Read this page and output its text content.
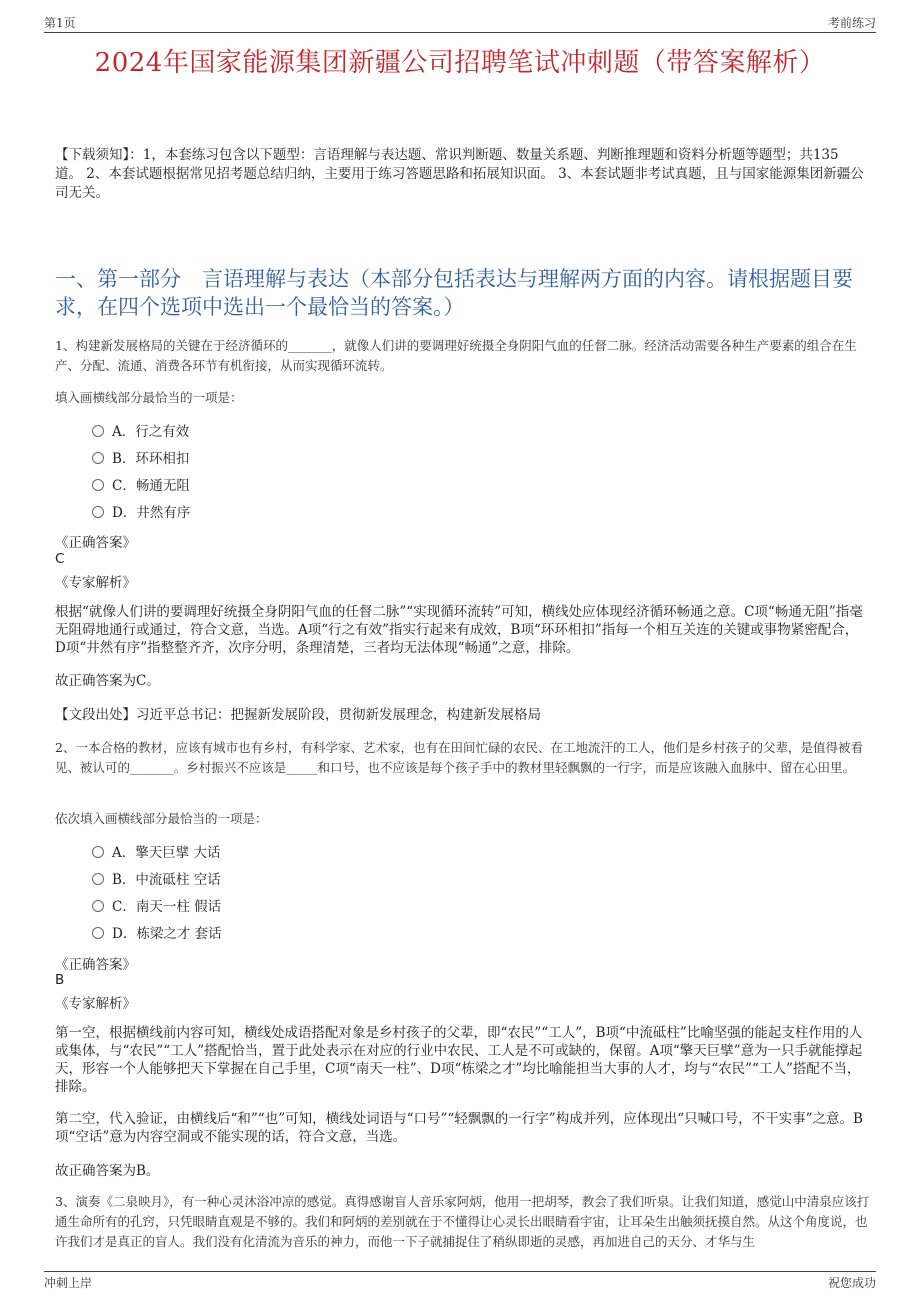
第1页	考前练习
2024年国家能源集团新疆公司招聘笔试冲刺题（带答案解析）
【下载须知】：1，本套练习包含以下题型：言语理解与表达题、常识判断题、数量关系题、判断推理题和资料分析题等题型；共135道。 2、本套试题根据常见招考题总结归纳，主要用于练习答题思路和拓展知识面。 3、本套试题非考试真题，且与国家能源集团新疆公司无关。
一、第一部分　言语理解与表达（本部分包括表达与理解两方面的内容。请根据题目要求，在四个选项中选出一个最恰当的答案。）
1、构建新发展格局的关键在于经济循环的_______，就像人们讲的要调理好统摄全身阴阳气血的任督二脉。经济活动需要各种生产要素的组合在生产、分配、流通、消费各环节有机衔接，从而实现循环流转。
填入画横线部分最恰当的一项是：
A．行之有效
B．环环相扣
C．畅通无阻
D．井然有序
《正确答案》
C
《专家解析》
根据“就像人们讲的要调理好统摄全身阴阳气血的任督二脉”“实现循环流转”可知，横线处应体现经济循环畅通之意。C项“畅通无阻”指毫无阻碍地通行或通过，符合文意，当选。A项“行之有效”指实行起来有成效，B项“环环相扣”指每一个相互关连的关键或事物紧密配合，D项“井然有序”指整整齐齐，次序分明，条理清楚，三者均无法体现“畅通”之意，排除。
故正确答案为C。
【文段出处】习近平总书记：把握新发展阶段，贯彻新发展理念，构建新发展格局
2、一本合格的教材，应该有城市也有乡村，有科学家、艺术家，也有在田间忙碌的农民、在工地流汗的工人，他们是乡村孩子的父辈，是值得被看见、被认可的_______。乡村振兴不应该是_____和口号，也不应该是每个孩子手中的教材里轻飘飘的一行字，而是应该融入血脉中、留在心田里。
依次填入画横线部分最恰当的一项是：
A．擎天巨擘 大话
B．中流砥柱 空话
C．南天一柱 假话
D．栋梁之才 套话
《正确答案》
B
《专家解析》
第一空，根据横线前内容可知，横线处成语搭配对象是乡村孩子的父辈，即“农民”“工人”，B项“中流砥柱”比喻坚强的能起支柱作用的人或集体，与“农民”“工人”搭配恰当，置于此处表示在对应的行业中农民、工人是不可或缺的，保留。A项“擎天巨擘”意为一只手就能撑起天，形容一个人能够把天下掌握在自己手里，C项“南天一柱”、D项“栋梁之才”均比喻能担当大事的人才，均与“农民”“工人”搭配不当，排除。
第二空，代入验证，由横线后“和”“也”可知，横线处词语与“口号”“轻飘飘的一行字”构成并列，应体现出“只喊口号，不干实事”之意。B项“空话”意为内容空洞或不能实现的话，符合文意，当选。
故正确答案为B。
3、演奏《二泉映月》，有一种心灵沐浴冲凉的感觉。真得感谢盲人音乐家阿炳，他用一把胡琴，教会了我们听泉。让我们知道，感觉山中清泉应该打通生命所有的孔窍，只凭眼睛直观是不够的。我们和阿炳的差别就在于不懂得让心灵长出眼睛看宇宙，让耳朵生出触须抚摸自然。从这个角度说，也许我们才是真正的盲人。我们没有化清流为音乐的神力，而他一下子就捕捉住了稍纵即逝的灵感，再加进自己的天分、才华与生
冲刺上岸	祝您成功
